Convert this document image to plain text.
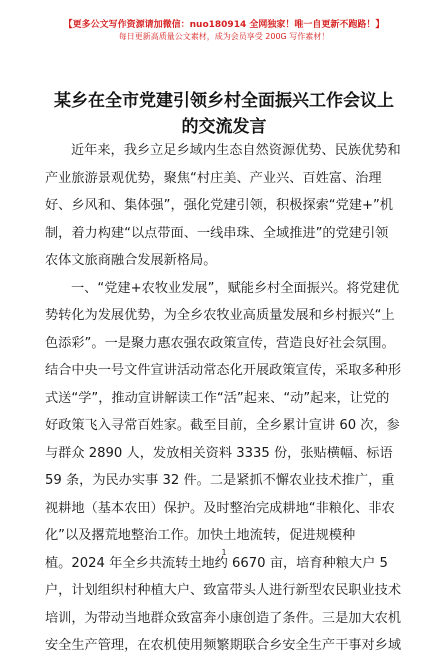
【更多公文写作资源请加微信：nuo180914 全网独家！唯一自更新不跑路！】
每日更新高质量公文素材，成为会员享受 200G 写作素材！
某乡在全市党建引领乡村全面振兴工作会议上
的交流发言
近年来，我乡立足乡域内生态自然资源优势、民族优势和
产业旅游景观优势，聚焦“村庄美、产业兴、百姓富、治理
好、乡风和、集体强”，强化党建引领，积极探索“党建+”机
制，着力构建“以点带面、一线串珠、全域推进”的党建引领
农体文旅商融合发展新格局。
一、“党建+农牧业发展”，赋能乡村全面振兴。将党建优
势转化为发展优势，为全乡农牧业高质量发展和乡村振兴“上
色添彩”。一是聚力惠农强农政策宣传，营造良好社会氛围。
结合中央一号文件宣讲活动常态化开展政策宣传，采取多种形
式送“学”，推动宣讲解读工作“活”起来、“动”起来，让党的
好政策飞入寻常百姓家。截至目前，全乡累计宣讲 60 次，参
与群众 2890 人，发放相关资料 3335 份，张贴横幅、标语
59 条，为民办实事 32 件。二是紧抓不懈农业技术推广，重
视耕地（基本农田）保护。及时整治完成耕地“非粮化、非农
化”以及撂荒地整治工作。加快土地流转，促进规模种
植。2024 年全乡共流转土地约 6670 亩，培育种粮大户 5
户，计划组织村种植大户、致富带头人进行新型农民职业技术
培训，为带动当地群众致富奔小康创造了条件。三是加大农机
安全生产管理，在农机使用频繁期联合乡安全生产干事对乡域
1
